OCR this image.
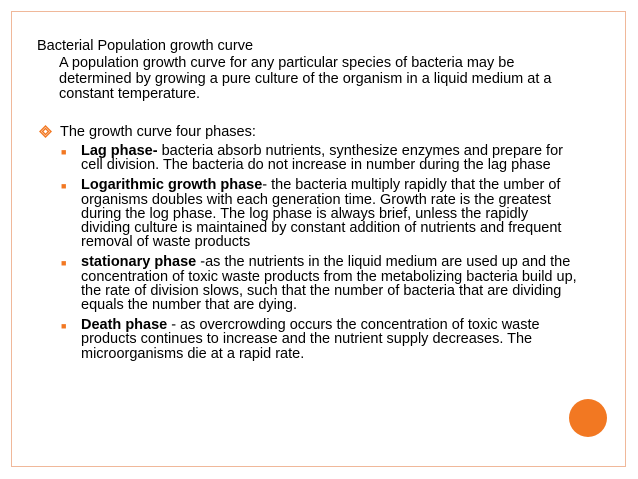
Bacterial Population growth curve
A population growth curve for any particular species of bacteria may be determined by growing a pure culture of the organism in a liquid medium at a constant temperature.
The growth curve four phases:
■ Lag phase- bacteria absorb nutrients, synthesize enzymes and prepare for cell division. The bacteria do not increase in number during the lag phase
■ Logarithmic growth phase- the bacteria multiply rapidly that the umber of organisms doubles with each generation time. Growth rate is the greatest during the log phase. The log phase is always brief, unless the rapidly dividing culture is maintained by constant addition of nutrients and frequent removal of waste products
■ stationary phase -as the nutrients in the liquid medium are used up and the concentration of toxic waste products from the metabolizing bacteria build up, the rate of division slows, such that the number of bacteria that are dividing equals the number that are dying.
■ Death phase - as overcrowding occurs the concentration of toxic waste products continues to increase and the nutrient supply decreases. The microorganisms die at a rapid rate.
